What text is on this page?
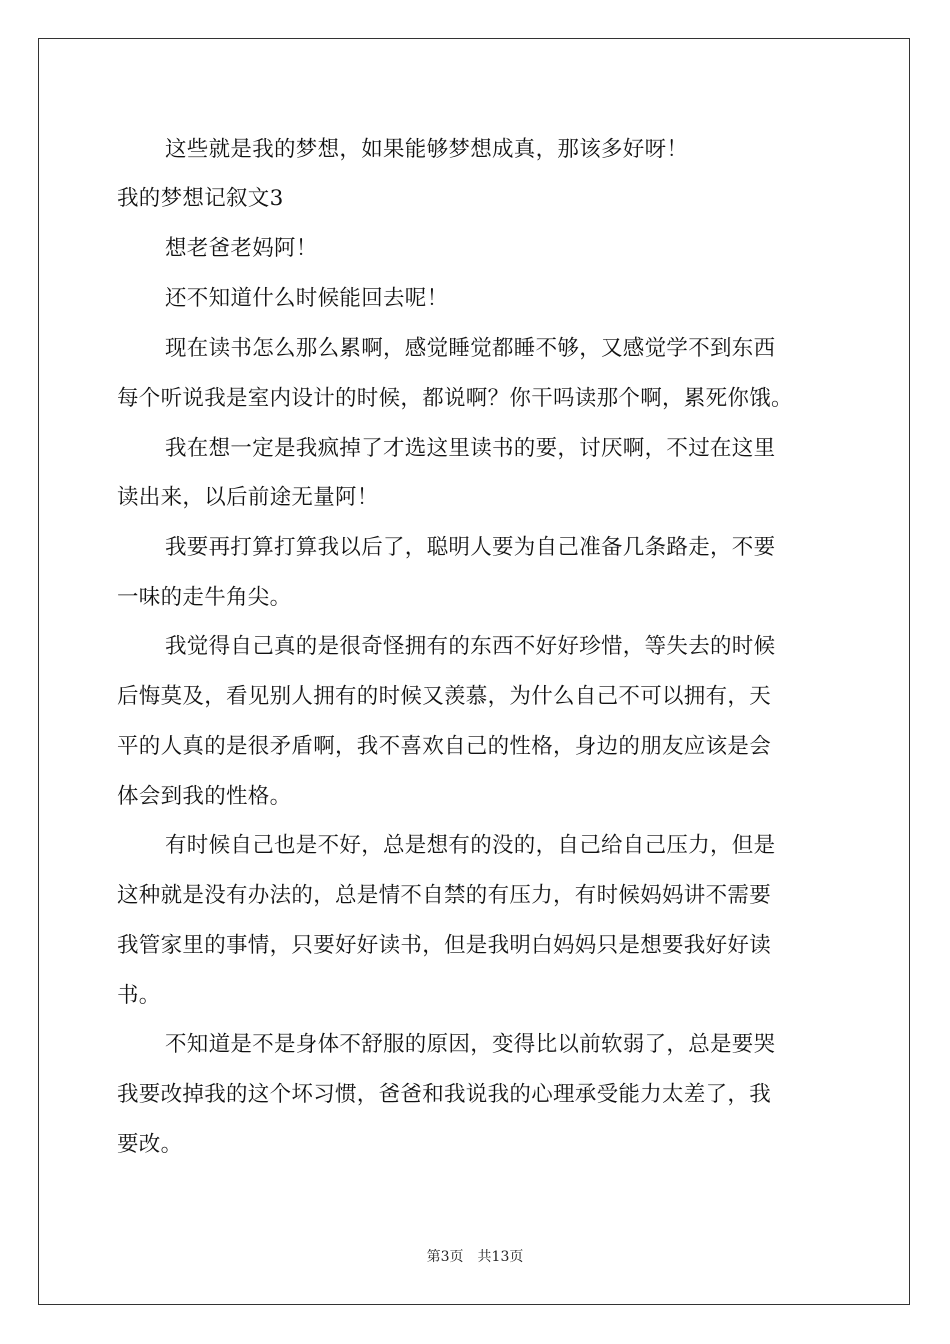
这些就是我的梦想，如果能够梦想成真，那该多好呀！
我的梦想记叙文3
想老爸老妈阿！
还不知道什么时候能回去呢！
现在读书怎么那么累啊，感觉睡觉都睡不够，又感觉学不到东西
每个听说我是室内设计的时候，都说啊？你干吗读那个啊，累死你饿。
我在想一定是我疯掉了才选这里读书的要，讨厌啊，不过在这里
读出来，以后前途无量阿！
我要再打算打算我以后了，聪明人要为自己准备几条路走，不要
一味的走牛角尖。
我觉得自己真的是很奇怪拥有的东西不好好珍惜，等失去的时候
后悔莫及，看见别人拥有的时候又羡慕，为什么自己不可以拥有，天
平的人真的是很矛盾啊，我不喜欢自己的性格，身边的朋友应该是会
体会到我的性格。
有时候自己也是不好，总是想有的没的，自己给自己压力，但是
这种就是没有办法的，总是情不自禁的有压力，有时候妈妈讲不需要
我管家里的事情，只要好好读书，但是我明白妈妈只是想要我好好读
书。
不知道是不是身体不舒服的原因，变得比以前软弱了，总是要哭
我要改掉我的这个坏习惯，爸爸和我说我的心理承受能力太差了，我
要改。
第3页 共13页
